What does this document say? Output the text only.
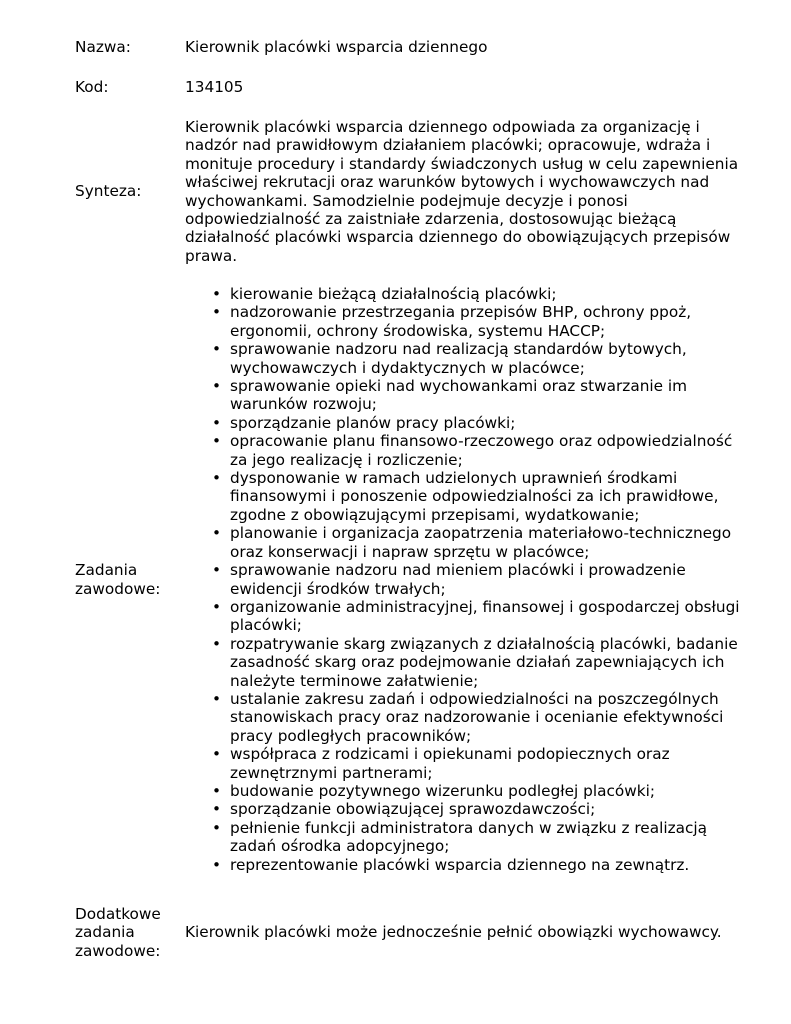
Nazwa:	Kierownik placówki wsparcia dziennego
Kod:	134105
Synteza:
Kierownik placówki wsparcia dziennego odpowiada za organizację i nadzór nad prawidłowym działaniem placówki; opracowuje, wdraża i monituje procedury i standardy świadczonych usług w celu zapewnienia właściwej rekrutacji oraz warunków bytowych i wychowawczych nad wychowankami. Samodzielnie podejmuje decyzje i ponosi odpowiedzialność za zaistniałe zdarzenia, dostosowując bieżącą działalność placówki wsparcia dziennego do obowiązujących przepisów prawa.
Zadania zawodowe:
• kierowanie bieżącą działalnością placówki;
• nadzorowanie przestrzegania przepisów BHP, ochrony ppoż, ergonomii, ochrony środowiska, systemu HACCP;
• sprawowanie nadzoru nad realizacją standardów bytowych, wychowawczych i dydaktycznych w placówce;
• sprawowanie opieki nad wychowankami oraz stwarzanie im warunków rozwoju;
• sporządzanie planów pracy placówki;
• opracowanie planu finansowo-rzeczowego oraz odpowiedzialność za jego realizację i rozliczenie;
• dysponowanie w ramach udzielonych uprawnień środkami finansowymi i ponoszenie odpowiedzialności za ich prawidłowe, zgodne z obowiązującymi przepisami, wydatkowanie;
• planowanie i organizacja zaopatrzenia materiałowo-technicznego oraz konserwacji i napraw sprzętu w placówce;
• sprawowanie nadzoru nad mieniem placówki i prowadzenie ewidencji środków trwałych;
• organizowanie administracyjnej, finansowej i gospodarczej obsługi placówki;
• rozpatrywanie skarg związanych z działalnością placówki, badanie zasadność skarg oraz podejmowanie działań zapewniających ich należyte terminowe załatwienie;
• ustalanie zakresu zadań i odpowiedzialności na poszczególnych stanowiskach pracy oraz nadzorowanie i ocenianie efektywności pracy podległych pracowników;
• współpraca z rodzicami i opiekunami podopiecznych oraz zewnętrznymi partnerami;
• budowanie pozytywnego wizerunku podległej placówki;
• sporządzanie obowiązującej sprawozdawczości;
• pełnienie funkcji administratora danych w związku z realizacją zadań ośrodka adopcyjnego;
• reprezentowanie placówki wsparcia dziennego na zewnątrz.
Dodatkowe zadania zawodowe:
Kierownik placówki może jednocześnie pełnić obowiązki wychowawcy.
